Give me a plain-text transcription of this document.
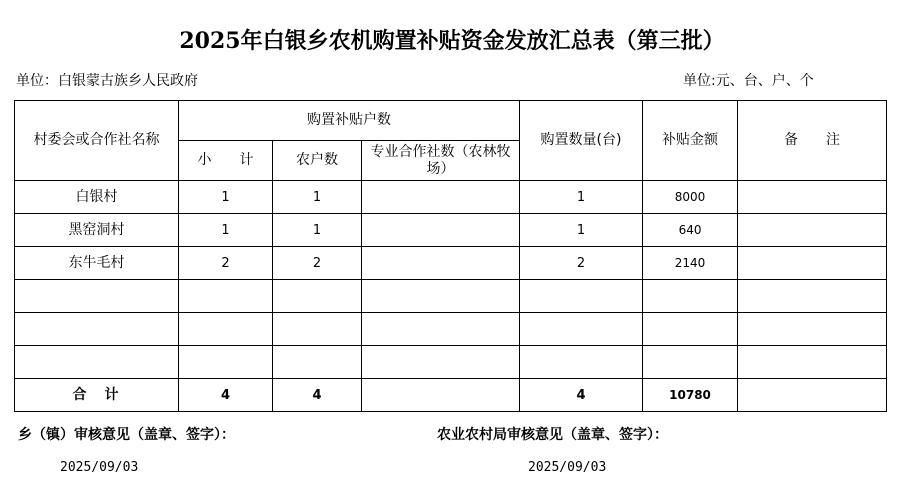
2025年白银乡农机购置补贴资金发放汇总表（第三批）
单位：白银蒙古族乡人民政府	单位:元、台、户、个
村委会或合作社名称	购置补贴户数			购置数量(台)	补贴金额	备　　注
	小　　计	农户数	专业合作社数（农林牧场）			
白银村	1	1		1	8000	
黑窑洞村	1	1		1	640	
东牛毛村	2	2		2	2140	

合　计	4	4		4	10780	
乡（镇）审核意见（盖章、签字）：	农业农村局审核意见（盖章、签字）：
2025/09/03	2025/09/03
